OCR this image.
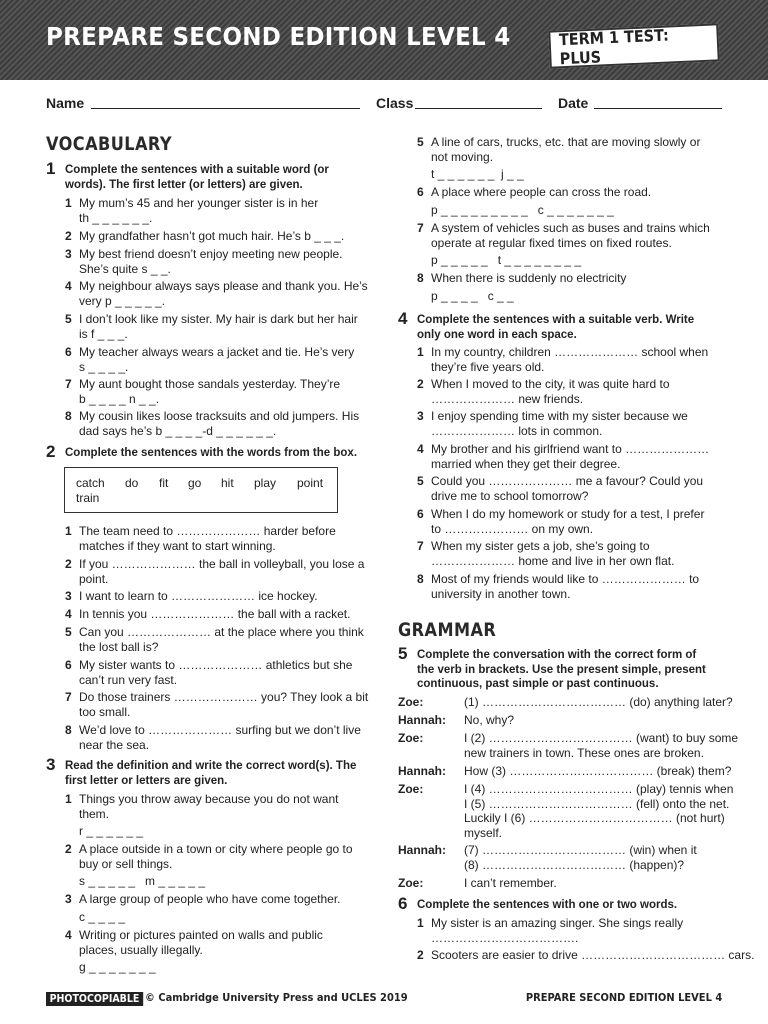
PREPARE SECOND EDITION LEVEL 4	TERM 1 TEST: PLUS
Name	Class	Date
VOCABULARY
1 Complete the sentences with a suitable word (or
words). The first letter (or letters) are given.
1 My mum’s 45 and her younger sister is in her
th _ _ _ _ _ _.
2 My grandfather hasn’t got much hair. He’s b _ _ _.
3 My best friend doesn’t enjoy meeting new people.
She’s quite s _ _.
4 My neighbour always says please and thank you. He’s
very p _ _ _ _ _.
5 I don’t look like my sister. My hair is dark but her hair
is f _ _ _.
6 My teacher always wears a jacket and tie. He’s very
s _ _ _ _.
7 My aunt bought those sandals yesterday. They’re
b _ _ _ _ n _ _.
8 My cousin likes loose tracksuits and old jumpers. His
dad says he’s b _ _ _ _-d _ _ _ _ _ _.
2 Complete the sentences with the words from the box.
catch do fit go hit play point
train
1 The team need to ………………… harder before
matches if they want to start winning.
2 If you ………………… the ball in volleyball, you lose a
point.
3 I want to learn to ………………… ice hockey.
4 In tennis you ………………… the ball with a racket.
5 Can you ………………… at the place where you think
the lost ball is?
6 My sister wants to ………………… athletics but she
can’t run very fast.
7 Do those trainers ………………… you? They look a bit
too small.
8 We’d love to ………………… surfing but we don’t live
near the sea.
3 Read the definition and write the correct word(s). The
first letter or letters are given.
1 Things you throw away because you do not want
them.
r _ _ _ _ _ _
2 A place outside in a town or city where people go to
buy or sell things.
s _ _ _ _ _   m _ _ _ _ _
3 A large group of people who have come together.
c _ _ _ _
4 Writing or pictures painted on walls and public
places, usually illegally.
g _ _ _ _ _ _ _
4 Complete the sentences with a suitable verb. Write
only one word in each space.
1 In my country, children ………………… school when
they’re five years old.
2 When I moved to the city, it was quite hard to
………………… new friends.
3 I enjoy spending time with my sister because we
………………… lots in common.
4 My brother and his girlfriend want to …………………
married when they get their degree.
5 Could you ………………… me a favour? Could you
drive me to school tomorrow?
6 When I do my homework or study for a test, I prefer
to ………………… on my own.
7 When my sister gets a job, she’s going to
………………… home and live in her own flat.
8 Most of my friends would like to ………………… to
university in another town.
GRAMMAR
5 Complete the conversation with the correct form of
the verb in brackets. Use the present simple, present
continuous, past simple or past continuous.
Zoe:	(1) ……………………………… (do) anything later?
Hannah: No, why?
Zoe:	I (2) ……………………………… (want) to buy some
new trainers in town. These ones are broken.
Hannah: How (3) ……………………………… (break) them?
Zoe:	I (4) ……………………………… (play) tennis when
I (5) ……………………………… (fell) onto the net.
Luckily I (6) ……………………………… (not hurt)
myself.
Hannah: (7) ……………………………… (win) when it
(8) ……………………………… (happen)?
Zoe:	I can’t remember.
6 Complete the sentences with one or two words.
1 My sister is an amazing singer. She sings really
……………………………….
2 Scooters are easier to drive ……………………………… cars.
PHOTOCOPIABLE © Cambridge University Press and UCLES 2019	PREPARE SECOND EDITION LEVEL 4
5 A line of cars, trucks, etc. that are moving slowly or
not moving.
t _ _ _ _ _ _  j _ _
6 A place where people can cross the road.
p _ _ _ _ _ _ _ _ _   c _ _ _ _ _ _ _
7 A system of vehicles such as buses and trains which
operate at regular fixed times on fixed routes.
p _ _ _ _ _   t _ _ _ _ _ _ _ _
8 When there is suddenly no electricity
p _ _ _ _   c _ _
